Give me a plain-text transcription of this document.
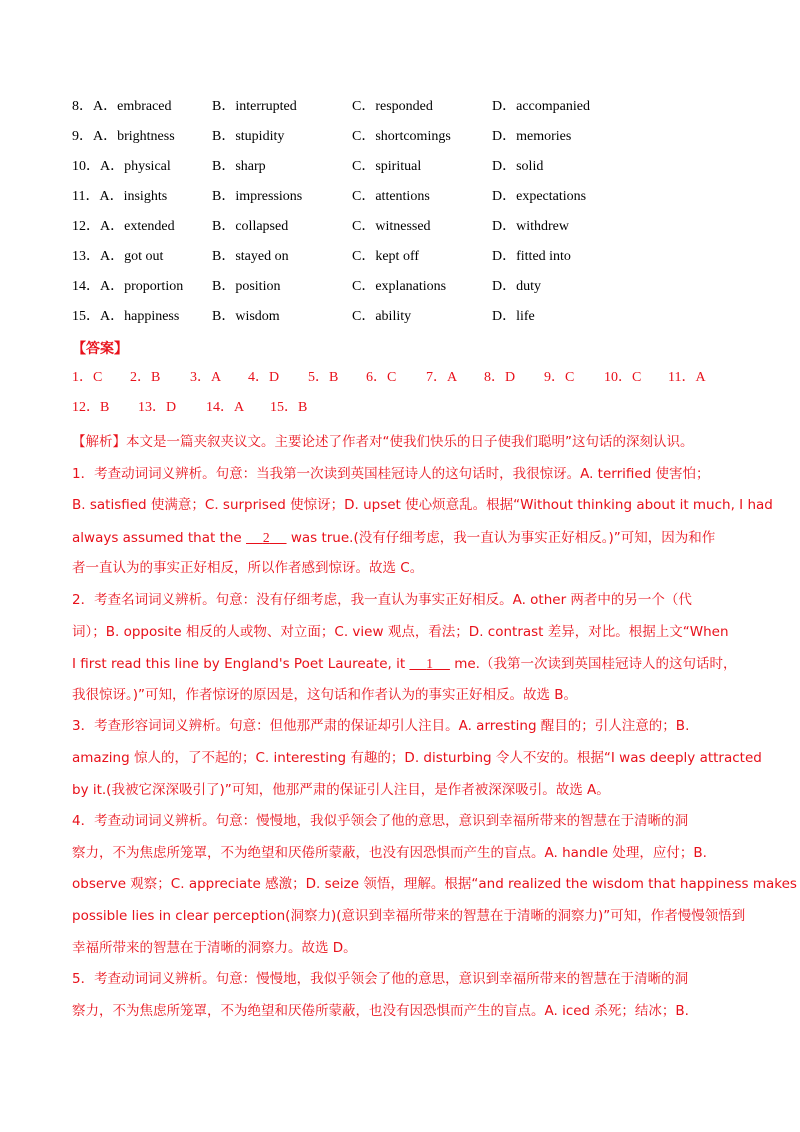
8．A．embraced	B．interrupted	C．responded	D．accompanied
9．A．brightness	B．stupidity	C．shortcomings	D．memories
10．A．physical	B．sharp	C．spiritual	D．solid
11．A．insights	B．impressions	C．attentions	D．expectations
12．A．extended	B．collapsed	C．witnessed	D．withdrew
13．A．got out	B．stayed on	C．kept off	D．fitted into
14．A．proportion B．position	C．explanations	D．duty
15．A．happiness B．wisdom	C．ability	D．life
【答案】
1．C 2．B 3．A 4．D 5．B 6．C 7．A 8．D 9．C 10．C 11．A
12．B 13．D 14．A 15．B
【解析】本文是一篇夹叙夹议文。主要论述了作者对“使我们快乐的日子使我们聪明”这句话的深刻认识。
1．考查动词词义辨析。句意：当我第一次读到英国桂冠诗人的这句话时，我很惊讶。A. terrified 使害怕；
B. satisfied 使满意；C. surprised 使惊讶；D. upset 使心烦意乱。根据“Without thinking about it much, I had
always assumed that the      2      was true.(没有仔细考虑，我一直认为事实正好相反。)”可知，因为和作
者一直认为的事实正好相反，所以作者感到惊讶。故选 C。
2．考查名词词义辨析。句意：没有仔细考虑，我一直认为事实正好相反。A. other 两者中的另一个（代
词）；B. opposite 相反的人或物、对立面；C. view 观点，看法；D. contrast 差异，对比。根据上文“When
I first read this line by England's Poet Laureate, it      1      me.（我第一次读到英国桂冠诗人的这句话时，
我很惊讶。)”可知，作者惊讶的原因是，这句话和作者认为的事实正好相反。故选 B。
3．考查形容词词义辨析。句意：但他那严肃的保证却引人注目。A. arresting 醒目的；引人注意的；B.
amazing 惊人的，了不起的；C. interesting 有趣的；D. disturbing 令人不安的。根据“I was deeply attracted
by it.(我被它深深吸引了)”可知，他那严肃的保证引人注目，是作者被深深吸引。故选 A。
4．考查动词词义辨析。句意：慢慢地，我似乎领会了他的意思，意识到幸福所带来的智慧在于清晰的洞
察力，不为焦虑所笼罩，不为绝望和厌倦所蒙蔽，也没有因恐惧而产生的盲点。A. handle 处理，应付；B.
observe 观察；C. appreciate 感激；D. seize 领悟，理解。根据“and realized the wisdom that happiness makes
possible lies in clear perception(洞察力)(意识到幸福所带来的智慧在于清晰的洞察力)”可知，作者慢慢领悟到
幸福所带来的智慧在于清晰的洞察力。故选 D。
5．考查动词词义辨析。句意：慢慢地，我似乎领会了他的意思，意识到幸福所带来的智慧在于清晰的洞
察力，不为焦虑所笼罩，不为绝望和厌倦所蒙蔽，也没有因恐惧而产生的盲点。A. iced 杀死；结冰；B.
